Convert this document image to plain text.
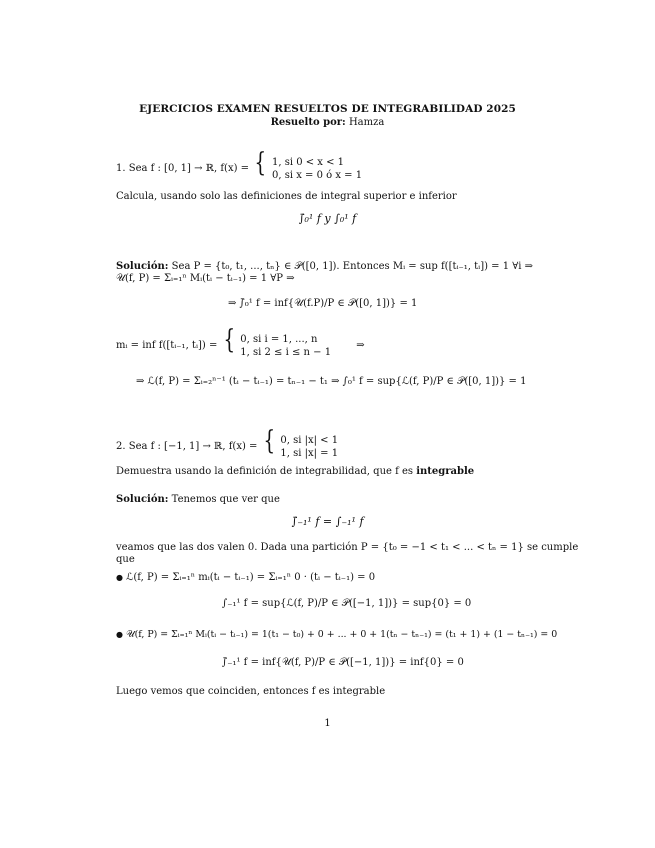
EJERCICIOS EXAMEN RESUELTOS DE INTEGRABILIDAD 2025
Resuelto por: Hamza
1. Sea f : [0, 1] → ℝ, f(x) = { 1, si 0 < x < 1
0, si x = 0 ó x = 1
Calcula, usando solo las definiciones de integral superior e inferior
∫̄₀¹ f y ∫₀¹ f
Solución: Sea P = {t₀, t₁, ..., tₙ} ∈ 𝒫([0, 1]). Entonces Mᵢ = sup f([tᵢ₋₁, tᵢ]) = 1 ∀i ⇒
𝒰(f, P) = Σᵢ₌₁ⁿ Mᵢ(tᵢ − tᵢ₋₁) = 1 ∀P ⇒
⇒ ∫̄₀¹ f = inf{𝒰(f.P)/P ∈ 𝒫([0, 1])} = 1
mᵢ = inf f([tᵢ₋₁, tᵢ]) = { 0, si i = 1, ..., n
1, si 2 ≤ i ≤ n − 1
⇒
⇒ ℒ(f, P) = Σᵢ₌₂ⁿ⁻¹ (tᵢ − tᵢ₋₁) = tₙ₋₁ − t₁ ⇒ ∫₀¹ f = sup{ℒ(f, P)/P ∈ 𝒫([0, 1])} = 1
2. Sea f : [−1, 1] → ℝ, f(x) = { 0, si |x| < 1
1, si |x| = 1
Demuestra usando la definición de integrabilidad, que f es integrable
Solución: Tenemos que ver que
∫̄₋₁¹ f = ∫₋₁¹ f
veamos que las dos valen 0. Dada una partición P = {t₀ = −1 < t₁ < ... < tₙ = 1} se cumple
que
● ℒ(f, P) = Σᵢ₌₁ⁿ mᵢ(tᵢ − tᵢ₋₁) = Σᵢ₌₁ⁿ 0 · (tᵢ − tᵢ₋₁) = 0
∫₋₁¹ f = sup{ℒ(f, P)/P ∈ 𝒫([−1, 1])} = sup{0} = 0
● 𝒰(f, P) = Σᵢ₌₁ⁿ Mᵢ(tᵢ − tᵢ₋₁) = 1(t₁ − t₀) + 0 + ... + 0 + 1(tₙ − tₙ₋₁) = (t₁ + 1) + (1 − tₙ₋₁) = 0
∫̄₋₁¹ f = inf{𝒰(f, P)/P ∈ 𝒫([−1, 1])} = inf{0} = 0
Luego vemos que coinciden, entonces f es integrable
1
